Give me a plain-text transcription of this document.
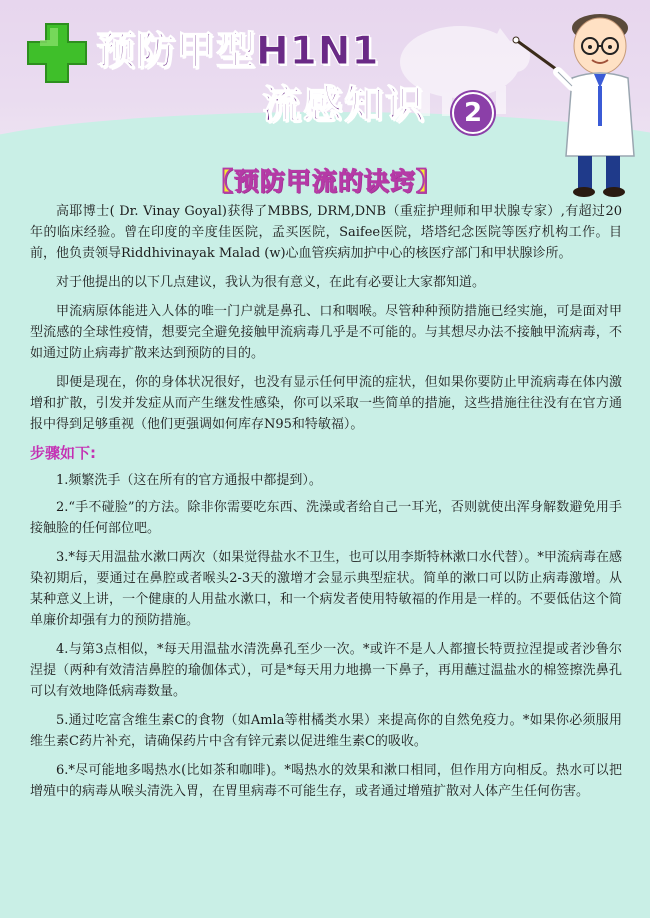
预防甲型H1N1
流感知识	2
【预防甲流的诀窍】

高耶博士( Dr. Vinay Goyal)获得了MBBS, DRM,DNB（重症护理师和甲状腺专家）,有超过20年的临床经验。曾在印度的辛度佳医院，孟买医院，Saifee医院，塔塔纪念医院等医疗机构工作。目前，他负责领导Riddhivinayak Malad (w)心血管疾病加护中心的核医疗部门和甲状腺诊所。

对于他提出的以下几点建议，我认为很有意义，在此有必要让大家都知道。

甲流病原体能进入人体的唯一门户就是鼻孔、口和咽喉。尽管种种预防措施已经实施，可是面对甲型流感的全球性疫情，想要完全避免接触甲流病毒几乎是不可能的。与其想尽办法不接触甲流病毒，不如通过防止病毒扩散来达到预防的目的。

即便是现在，你的身体状况很好，也没有显示任何甲流的症状，但如果你要防止甲流病毒在体内激增和扩散，引发并发症从而产生继发性感染，你可以采取一些简单的措施，这些措施往往没有在官方通报中得到足够重视（他们更强调如何库存N95和特敏福）。

步骤如下:

1.频繁洗手（这在所有的官方通报中都提到）。

2.“手不碰脸”的方法。除非你需要吃东西、洗澡或者给自己一耳光，否则就使出浑身解数避免用手接触脸的任何部位吧。

3.*每天用温盐水漱口两次（如果觉得盐水不卫生，也可以用李斯特林漱口水代替）。*甲流病毒在感染初期后，要通过在鼻腔或者喉头2-3天的激增才会显示典型症状。简单的漱口可以防止病毒激增。从某种意义上讲，一个健康的人用盐水漱口，和一个病发者使用特敏福的作用是一样的。不要低估这个简单廉价却强有力的预防措施。

4.与第3点相似，*每天用温盐水清洗鼻孔至少一次。*或许不是人人都擅长特贾拉涅提或者沙鲁尔涅提（两种有效清洁鼻腔的瑜伽体式），可是*每天用力地擤一下鼻子，再用蘸过温盐水的棉签擦洗鼻孔可以有效地降低病毒数量。

5.通过吃富含维生素C的食物（如Amla等柑橘类水果）来提高你的自然免疫力。*如果你必须服用维生素C药片补充，请确保药片中含有锌元素以促进维生素C的吸收。

6.*尽可能地多喝热水(比如茶和咖啡)。*喝热水的效果和漱口相同，但作用方向相反。热水可以把增殖中的病毒从喉头清洗入胃，在胃里病毒不可能生存，或者通过增殖扩散对人体产生任何伤害。
